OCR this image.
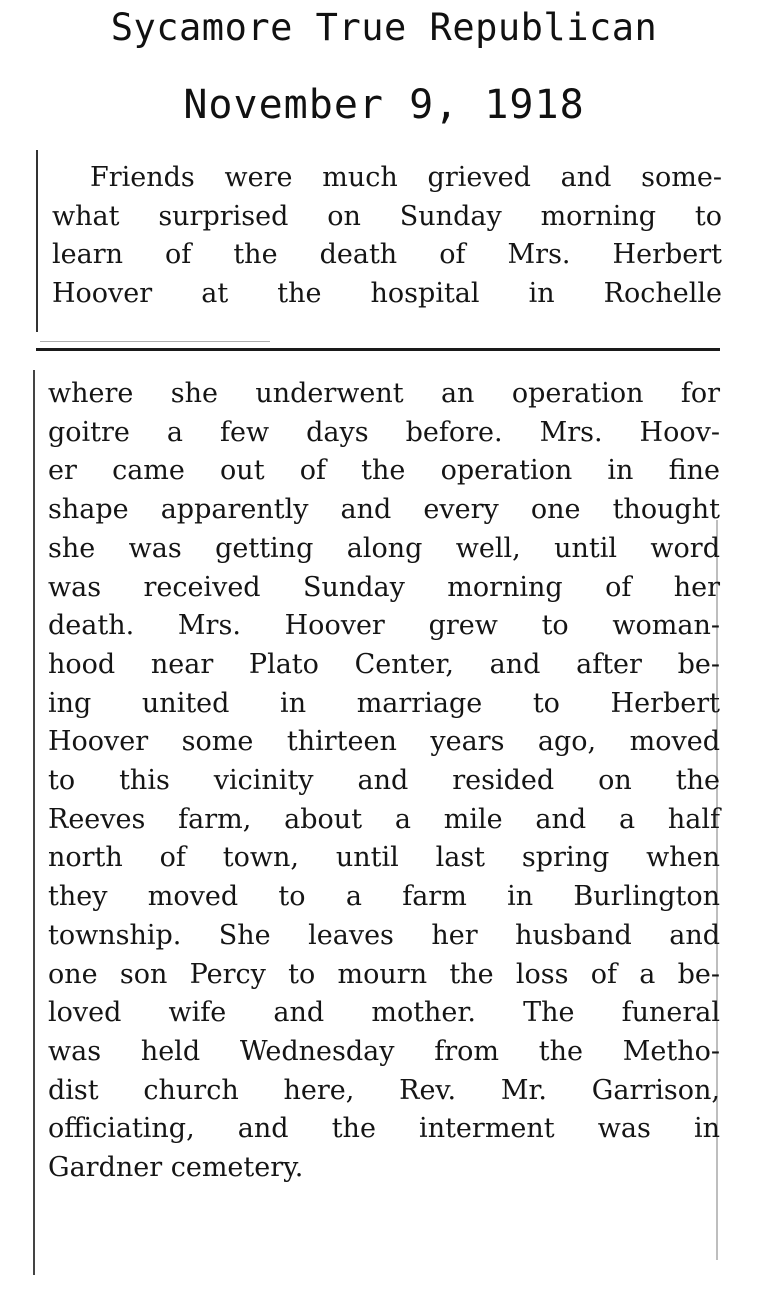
Sycamore True Republican
November 9, 1918
Friends were much grieved and some-
what surprised on Sunday morning to
learn of the death of Mrs. Herbert
Hoover at the hospital in Rochelle
where she underwent an operation for
goitre a few days before. Mrs. Hoov-
er came out of the operation in fine
shape apparently and every one thought
she was getting along well, until word
was received Sunday morning of her
death. Mrs. Hoover grew to woman-
hood near Plato Center, and after be-
ing united in marriage to Herbert
Hoover some thirteen years ago, moved
to this vicinity and resided on the
Reeves farm, about a mile and a half
north of town, until last spring when
they moved to a farm in Burlington
township. She leaves her husband and
one son Percy to mourn the loss of a be-
loved wife and mother. The funeral
was held Wednesday from the Metho-
dist church here, Rev. Mr. Garrison,
officiating, and the interment was in
Gardner cemetery.
